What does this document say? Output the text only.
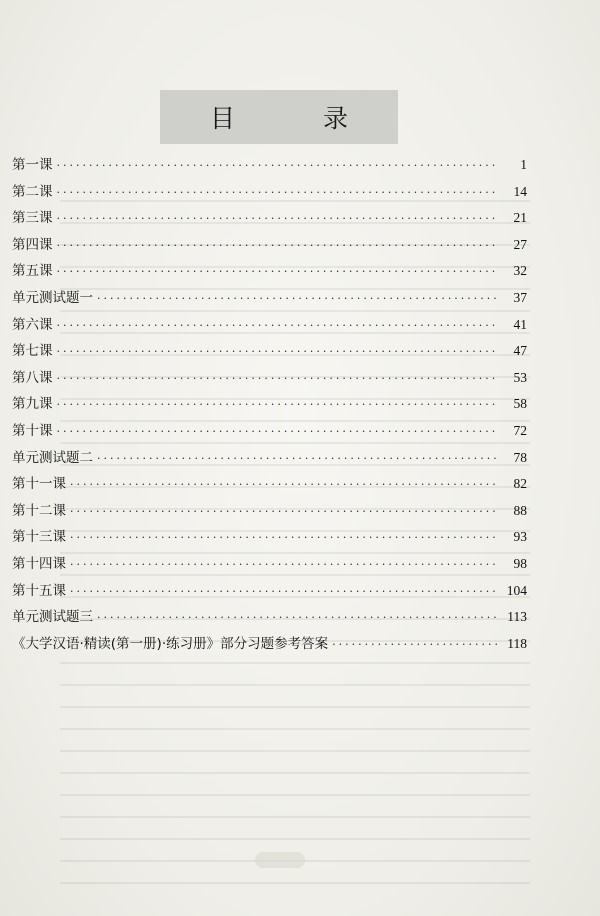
目 录
第一课 ·····	1
第二课 ·····	14
第三课 ·····	21
第四课 ·····	27
第五课 ·····	32
单元测试题一 ·····	37
第六课 ·····	41
第七课 ·····	47
第八课 ·····	53
第九课 ·····	58
第十课 ·····	72
单元测试题二 ·····	78
第十一课 ·····	82
第十二课 ·····	88
第十三课 ·····	93
第十四课 ·····	98
第十五课 ·····	104
单元测试题三 ·····	113
《大学汉语·精读(第一册)·练习册》部分习题参考答案 ·····	118
